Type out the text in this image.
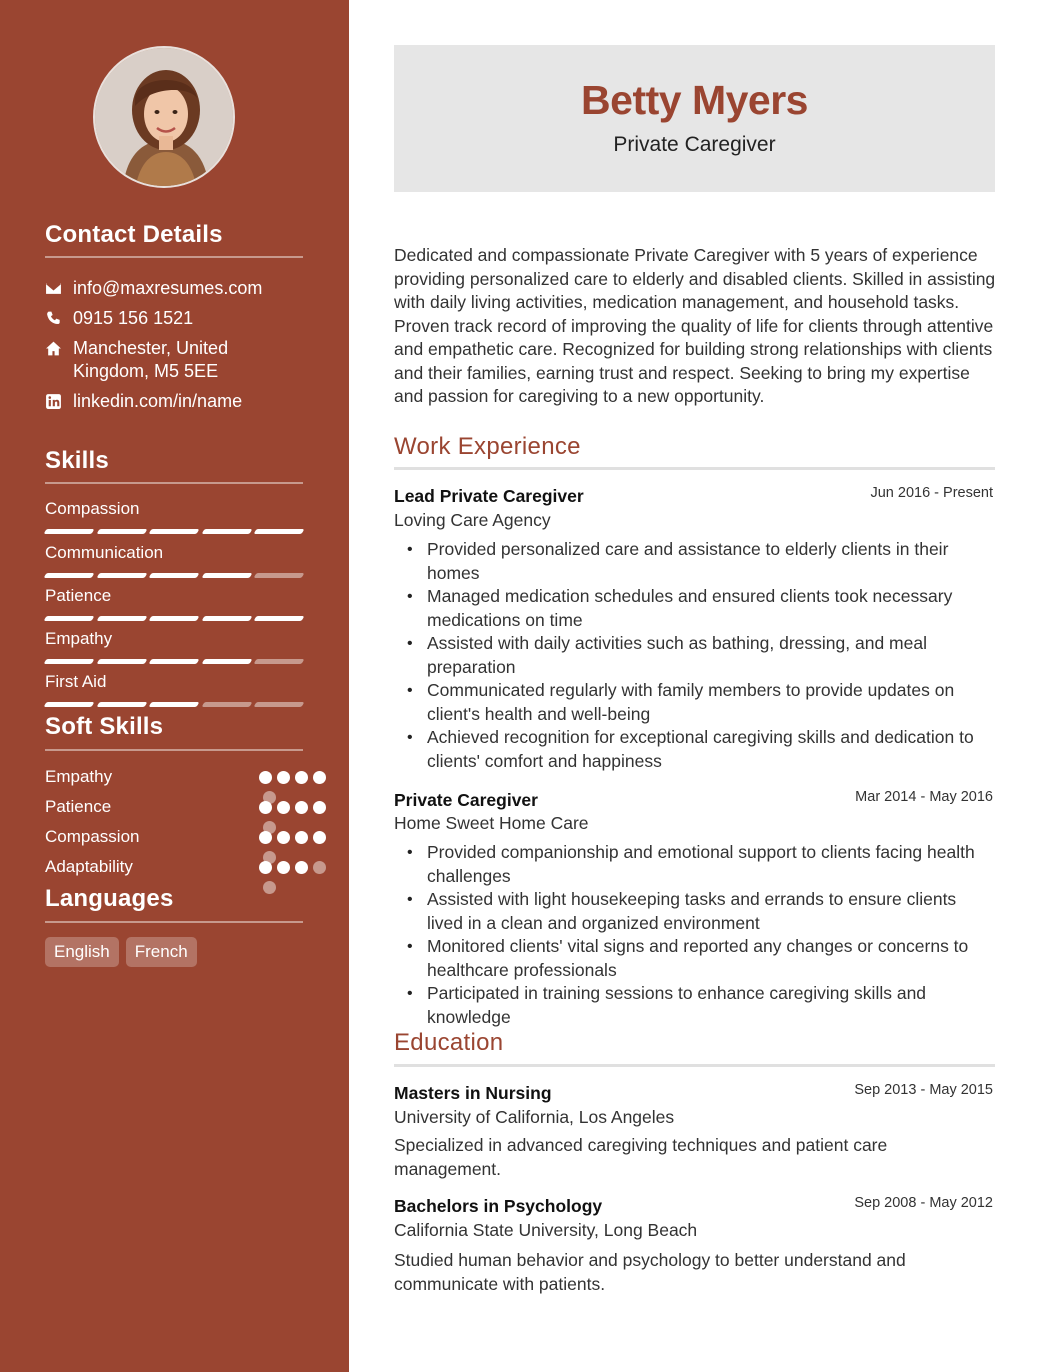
Contact Details
info@maxresumes.com
0915 156 1521
Manchester, United
Kingdom, M5 5EE
linkedin.com/in/name
Skills
Compassion
Communication
Patience
Empathy
First Aid
Soft Skills
Empathy
Patience
Compassion
Adaptability
Languages
English	French
Betty Myers
Private Caregiver

Dedicated and compassionate Private Caregiver with 5 years of experience providing personalized care to elderly and disabled clients. Skilled in assisting with daily living activities, medication management, and household tasks. Proven track record of improving the quality of life for clients through attentive and empathetic care. Recognized for building strong relationships with clients and their families, earning trust and respect. Seeking to bring my expertise and passion for caregiving to a new opportunity.

Work Experience
Lead Private Caregiver	Jun 2016 - Present
Loving Care Agency
• Provided personalized care and assistance to elderly clients in their homes
• Managed medication schedules and ensured clients took necessary medications on time
• Assisted with daily activities such as bathing, dressing, and meal preparation
• Communicated regularly with family members to provide updates on client's health and well-being
• Achieved recognition for exceptional caregiving skills and dedication to clients' comfort and happiness
Private Caregiver	Mar 2014 - May 2016
Home Sweet Home Care
• Provided companionship and emotional support to clients facing health challenges
• Assisted with light housekeeping tasks and errands to ensure clients lived in a clean and organized environment
• Monitored clients' vital signs and reported any changes or concerns to healthcare professionals
• Participated in training sessions to enhance caregiving skills and knowledge
Education
Masters in Nursing	Sep 2013 - May 2015
University of California, Los Angeles

Specialized in advanced caregiving techniques and patient care management.

Bachelors in Psychology	Sep 2008 - May 2012
California State University, Long Beach

Studied human behavior and psychology to better understand and communicate with patients.
